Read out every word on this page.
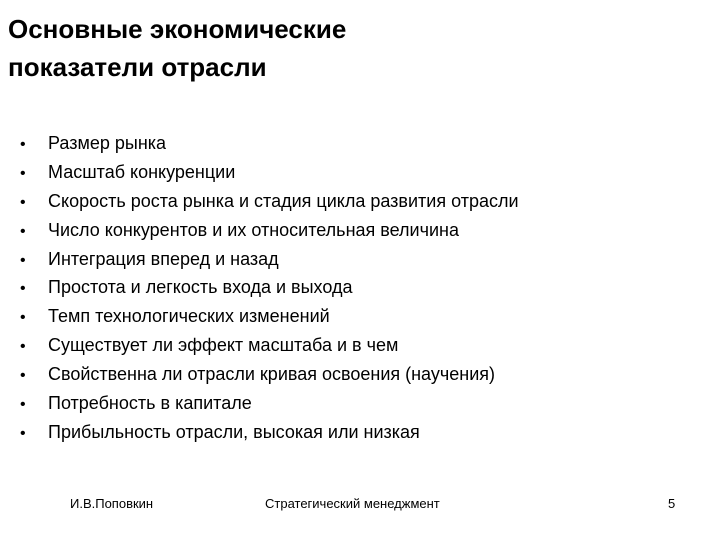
Основные экономические
показатели отрасли
•	Размер рынка
•	Масштаб конкуренции
•	Скорость роста рынка и стадия цикла развития отрасли
•	Число конкурентов и их относительная величина
•	Интеграция вперед и назад
•	Простота и легкость входа и выхода
•	Темп технологических изменений
•	Существует ли эффект масштаба и в чем
•	Свойственна ли отрасли кривая освоения (научения)
•	Потребность в капитале
•	Прибыльность отрасли, высокая или низкая
И.В.Поповкин	Стратегический менеджмент	5
